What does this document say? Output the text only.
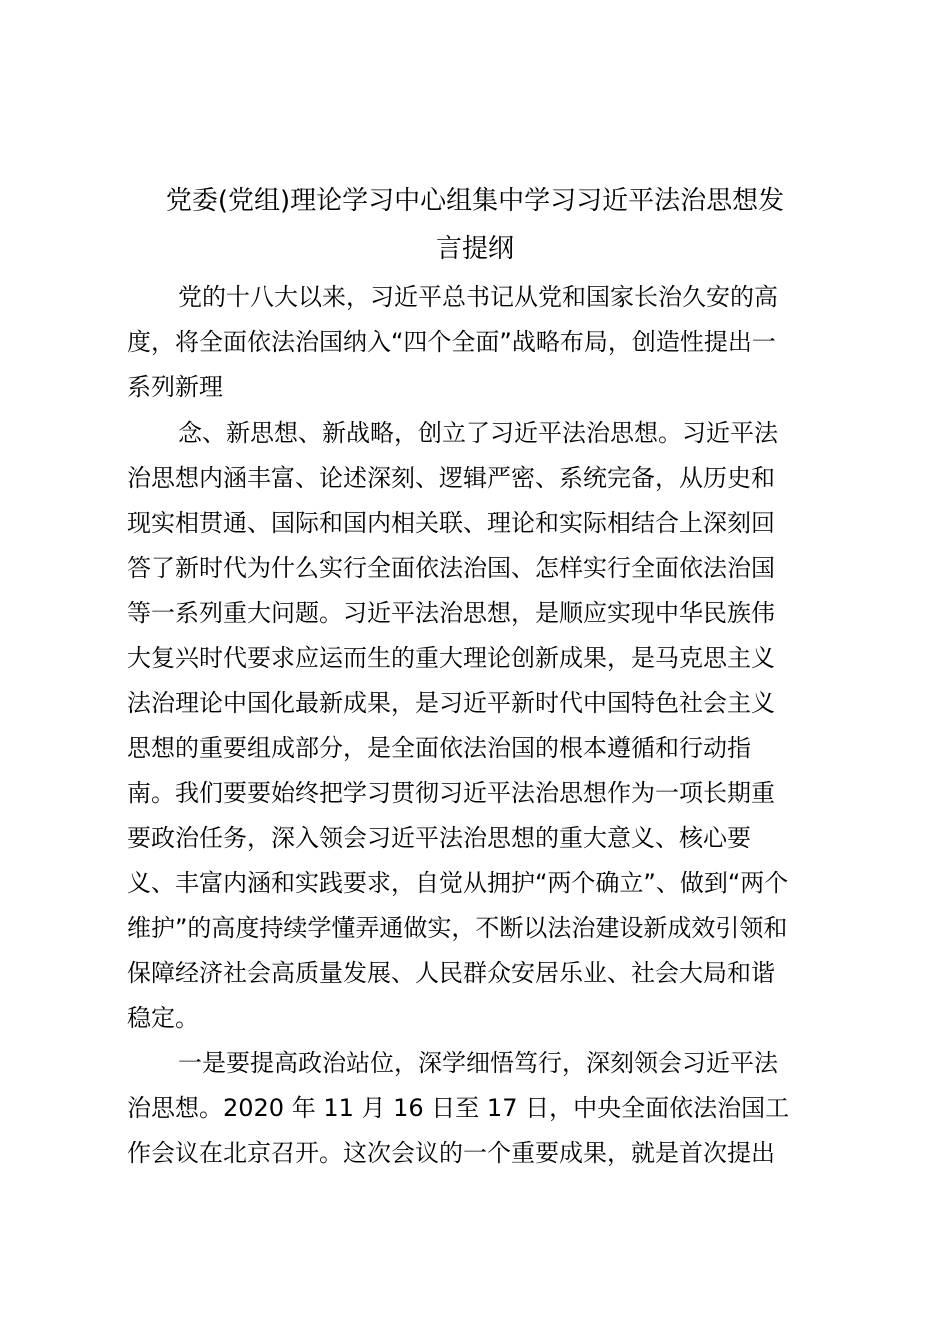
党委(党组)理论学习中心组集中学习习近平法治思想发
言提纲
党的十八大以来，习近平总书记从党和国家长治久安的高
度，将全面依法治国纳入“四个全面”战略布局，创造性提出一
系列新理
念、新思想、新战略，创立了习近平法治思想。习近平法
治思想内涵丰富、论述深刻、逻辑严密、系统完备，从历史和
现实相贯通、国际和国内相关联、理论和实际相结合上深刻回
答了新时代为什么实行全面依法治国、怎样实行全面依法治国
等一系列重大问题。习近平法治思想，是顺应实现中华民族伟
大复兴时代要求应运而生的重大理论创新成果，是马克思主义
法治理论中国化最新成果，是习近平新时代中国特色社会主义
思想的重要组成部分，是全面依法治国的根本遵循和行动指
南。我们要要始终把学习贯彻习近平法治思想作为一项长期重
要政治任务，深入领会习近平法治思想的重大意义、核心要
义、丰富内涵和实践要求，自觉从拥护“两个确立”、做到“两个
维护”的高度持续学懂弄通做实，不断以法治建设新成效引领和
保障经济社会高质量发展、人民群众安居乐业、社会大局和谐
稳定。
一是要提高政治站位，深学细悟笃行，深刻领会习近平法
治思想。2020 年 11 月 16 日至 17 日，中央全面依法治国工
作会议在北京召开。这次会议的一个重要成果，就是首次提出
